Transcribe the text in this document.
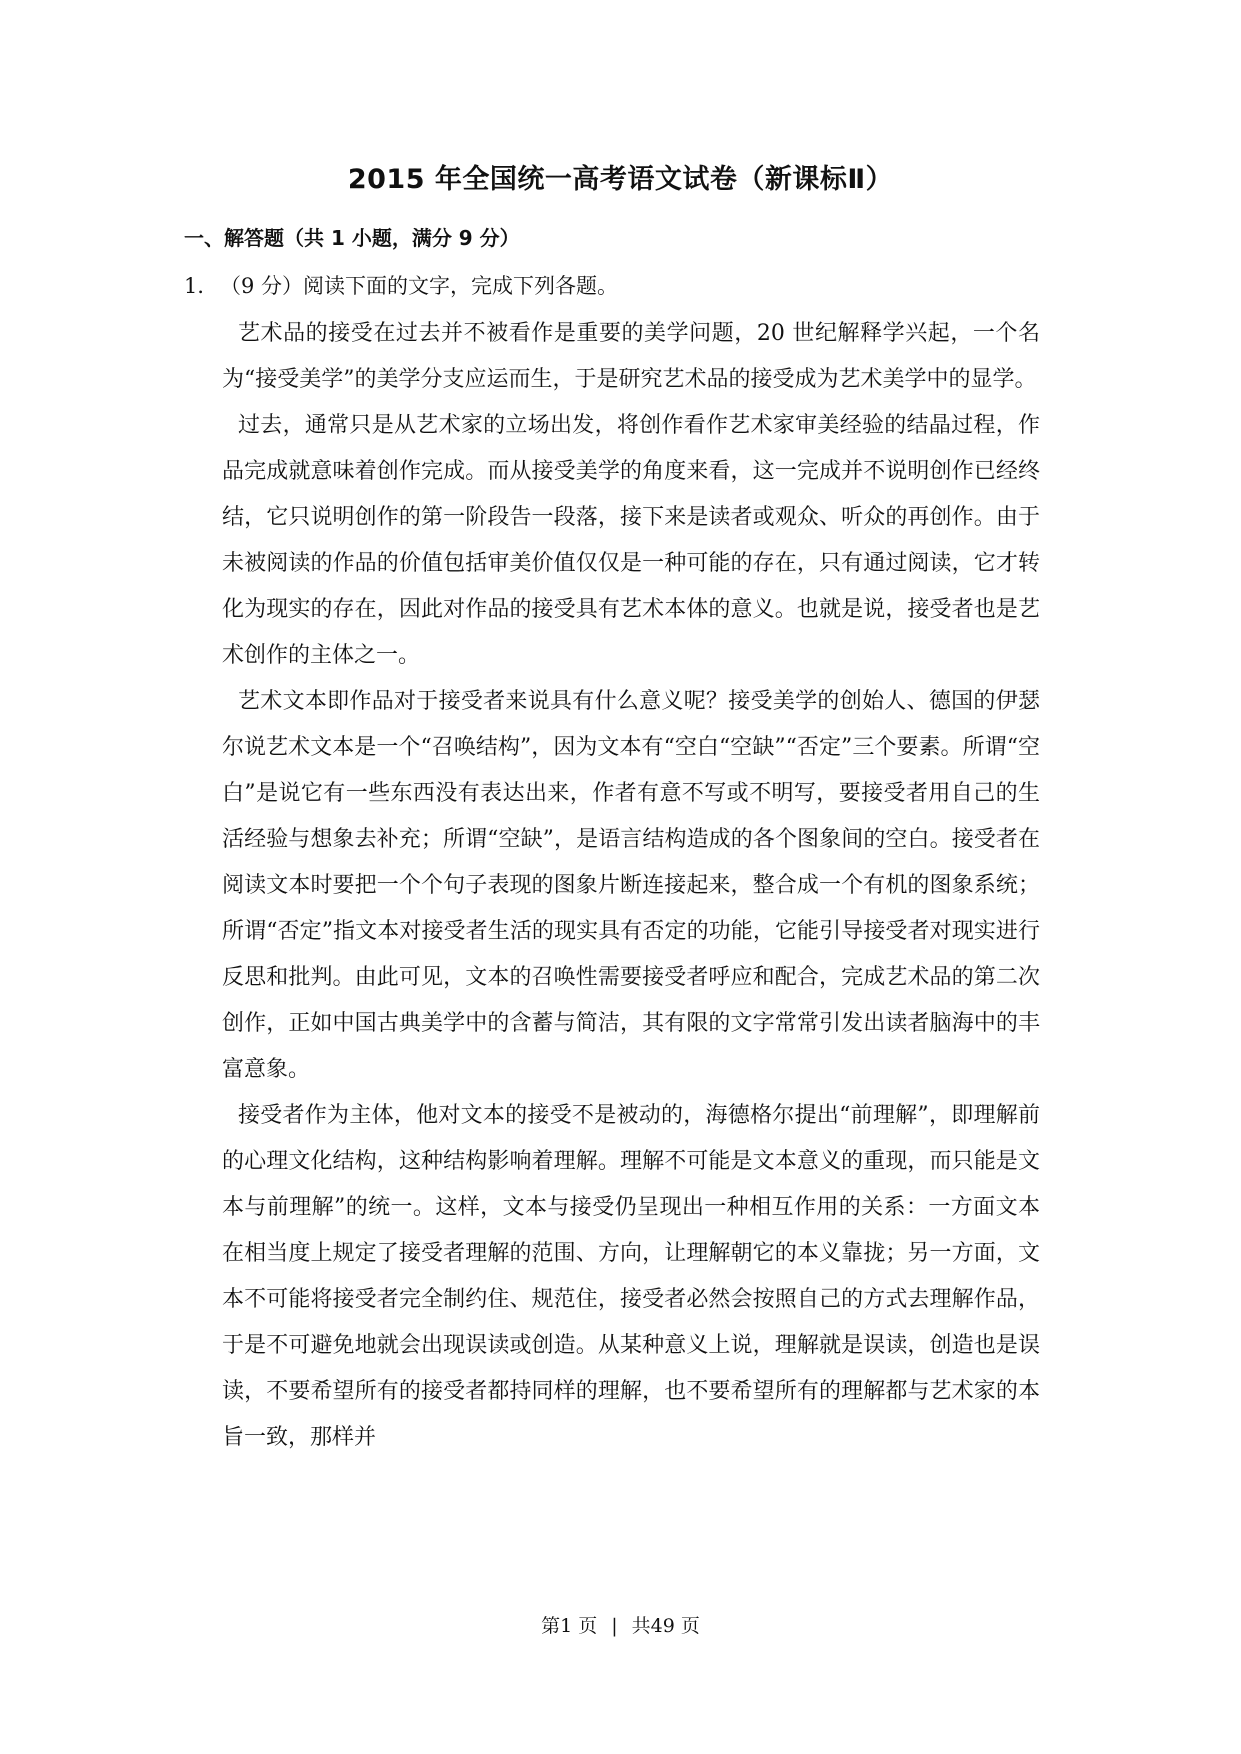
2015 年全国统一高考语文试卷（新课标Ⅱ）
一、解答题（共 1 小题，满分 9 分）
1．（9 分）阅读下面的文字，完成下列各题。

艺术品的接受在过去并不被看作是重要的美学问题，20 世纪解释学兴起，一个名为“接受美学”的美学分支应运而生，于是研究艺术品的接受成为艺术美学中的显学。

过去，通常只是从艺术家的立场出发，将创作看作艺术家审美经验的结晶过程，作品完成就意味着创作完成。而从接受美学的角度来看，这一完成并不说明创作已经终结，它只说明创作的第一阶段告一段落，接下来是读者或观众、听众的再创作。由于未被阅读的作品的价值包括审美价值仅仅是一种可能的存在，只有通过阅读，它才转化为现实的存在，因此对作品的接受具有艺术本体的意义。也就是说，接受者也是艺术创作的主体之一。

艺术文本即作品对于接受者来说具有什么意义呢？接受美学的创始人、德国的伊瑟尔说艺术文本是一个“召唤结构”，因为文本有“空白“空缺”“否定”三个要素。所谓“空白”是说它有一些东西没有表达出来，作者有意不写或不明写，要接受者用自己的生活经验与想象去补充；所谓“空缺”，是语言结构造成的各个图象间的空白。接受者在阅读文本时要把一个个句子表现的图象片断连接起来，整合成一个有机的图象系统；所谓“否定”指文本对接受者生活的现实具有否定的功能，它能引导接受者对现实进行反思和批判。由此可见，文本的召唤性需要接受者呼应和配合，完成艺术品的第二次创作，正如中国古典美学中的含蓄与简洁，其有限的文字常常引发出读者脑海中的丰富意象。

接受者作为主体，他对文本的接受不是被动的，海德格尔提出“前理解”，即理解前的心理文化结构，这种结构影响着理解。理解不可能是文本意义的重现，而只能是文本与前理解”的统一。这样，文本与接受仍呈现出一种相互作用的关系：一方面文本在相当度上规定了接受者理解的范围、方向，让理解朝它的本义靠拢；另一方面，文本不可能将接受者完全制约住、规范住，接受者必然会按照自己的方式去理解作品，于是不可避免地就会出现误读或创造。从某种意义上说，理解就是误读，创造也是误读，不要希望所有的接受者都持同样的理解，也不要希望所有的理解都与艺术家的本旨一致，那样并

第1 页 | 共49 页
